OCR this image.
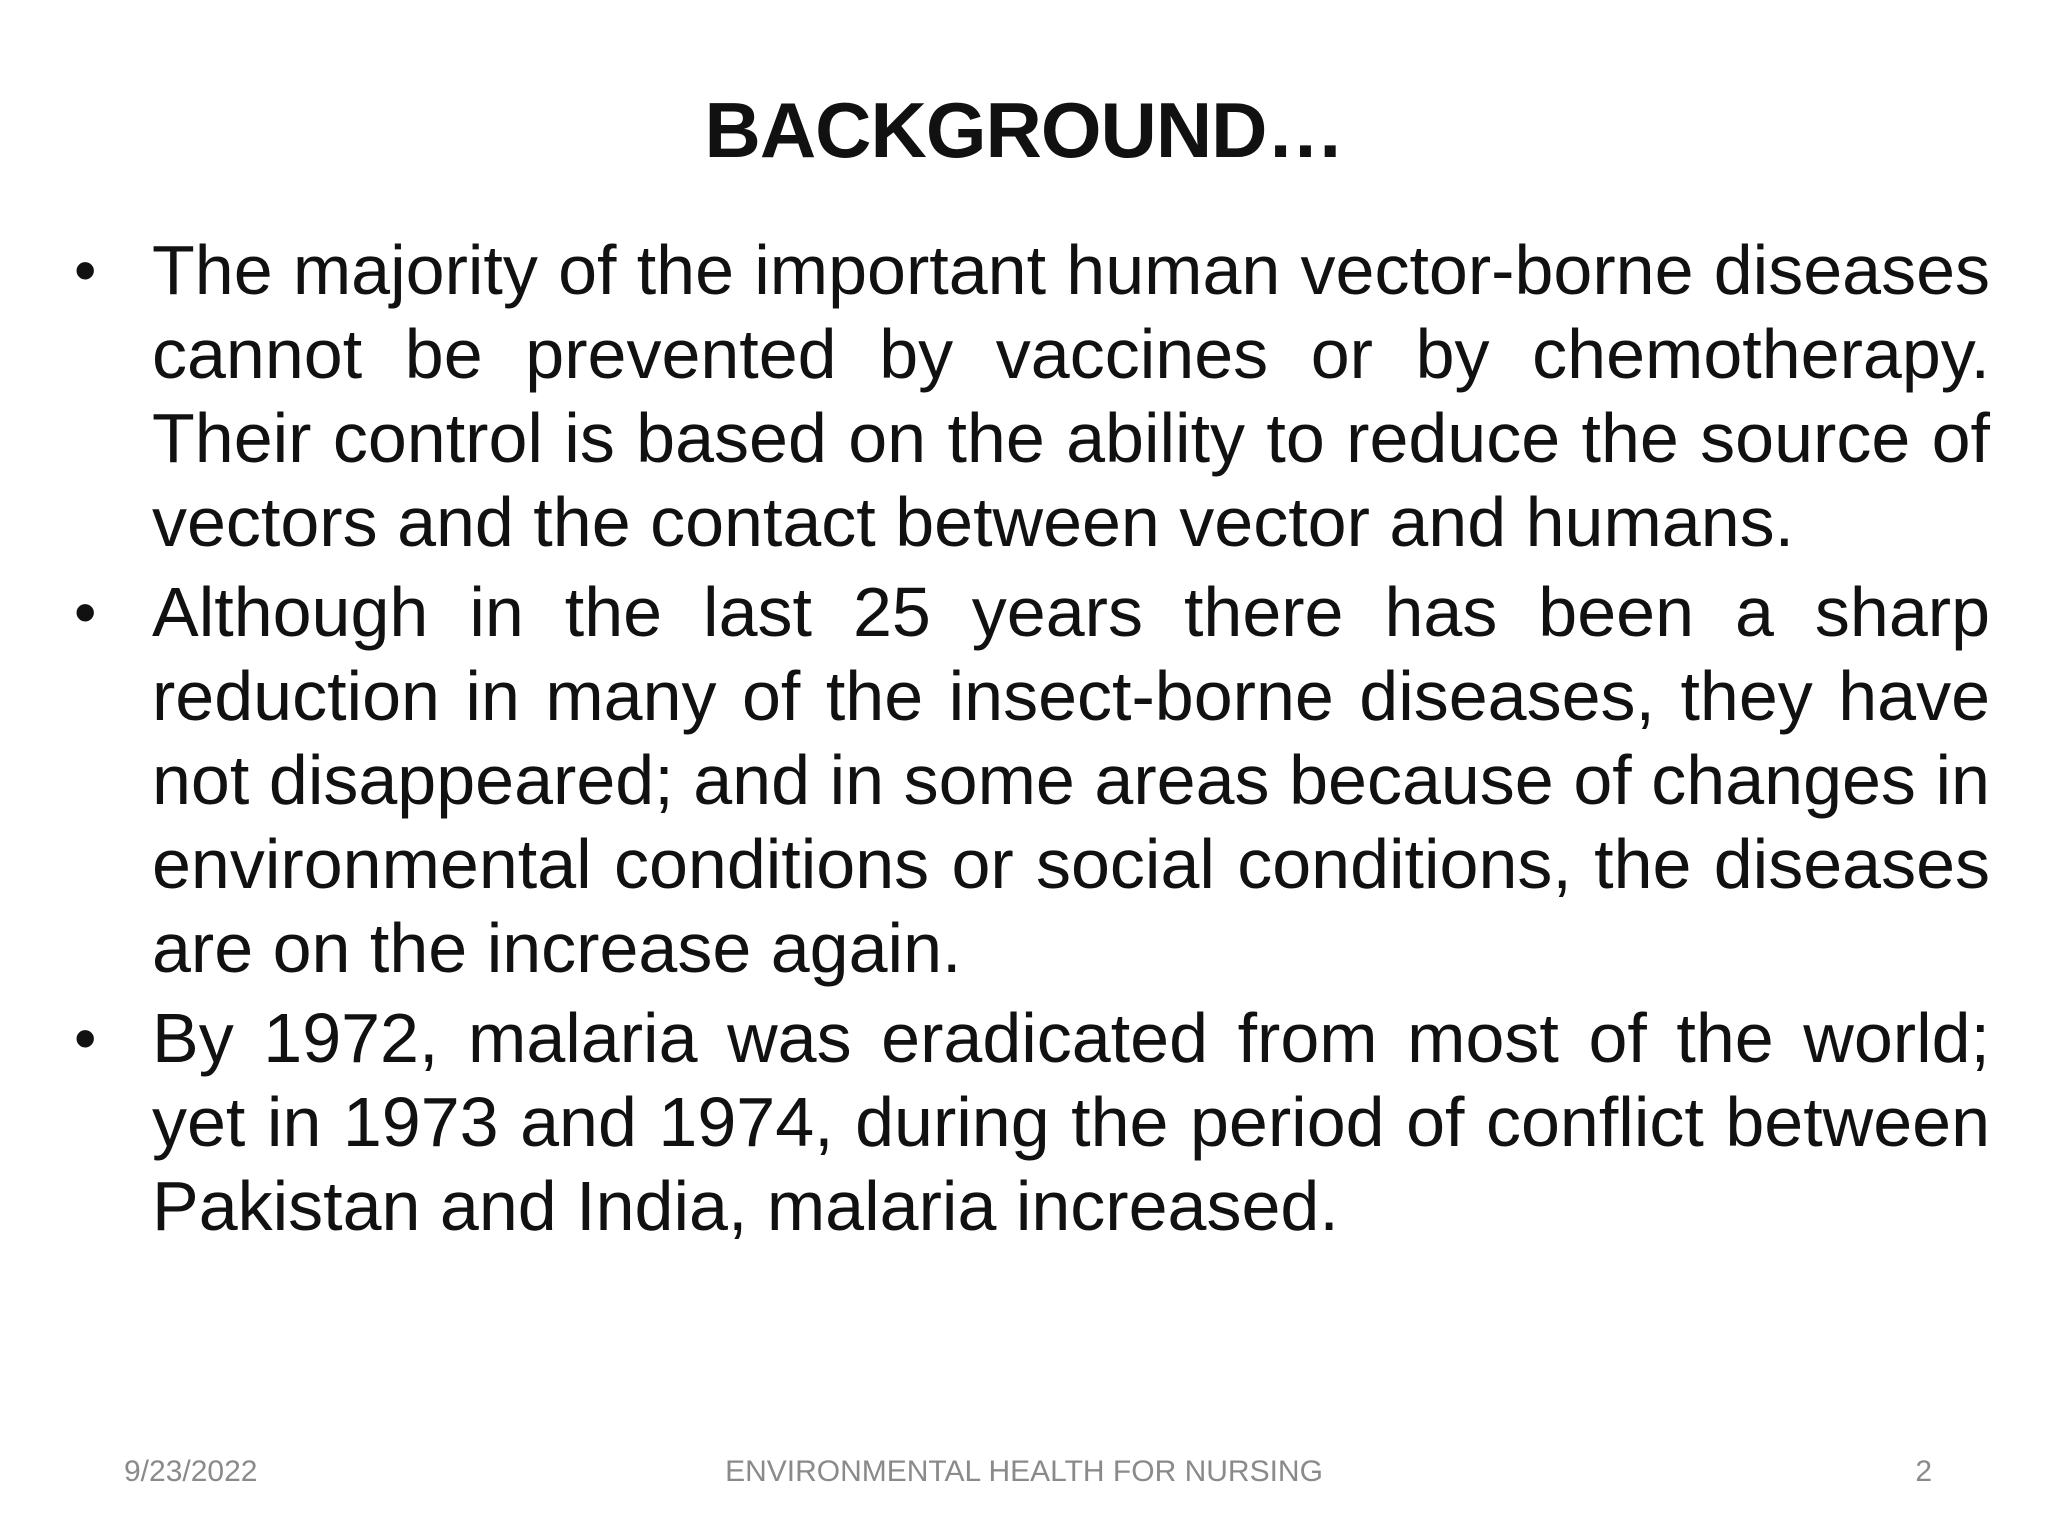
BACKGROUND…
• The majority of the important human vector-borne diseases cannot be prevented by vaccines or by chemotherapy. Their control is based on the ability to reduce the source of vectors and the contact between vector and humans.
• Although in the last 25 years there has been a sharp reduction in many of the insect-borne diseases, they have not disappeared; and in some areas because of changes in environmental conditions or social conditions, the diseases are on the increase again.
• By 1972, malaria was eradicated from most of the world; yet in 1973 and 1974, during the period of conflict between Pakistan and India, malaria increased.
9/23/2022	ENVIRONMENTAL HEALTH FOR NURSING	2
